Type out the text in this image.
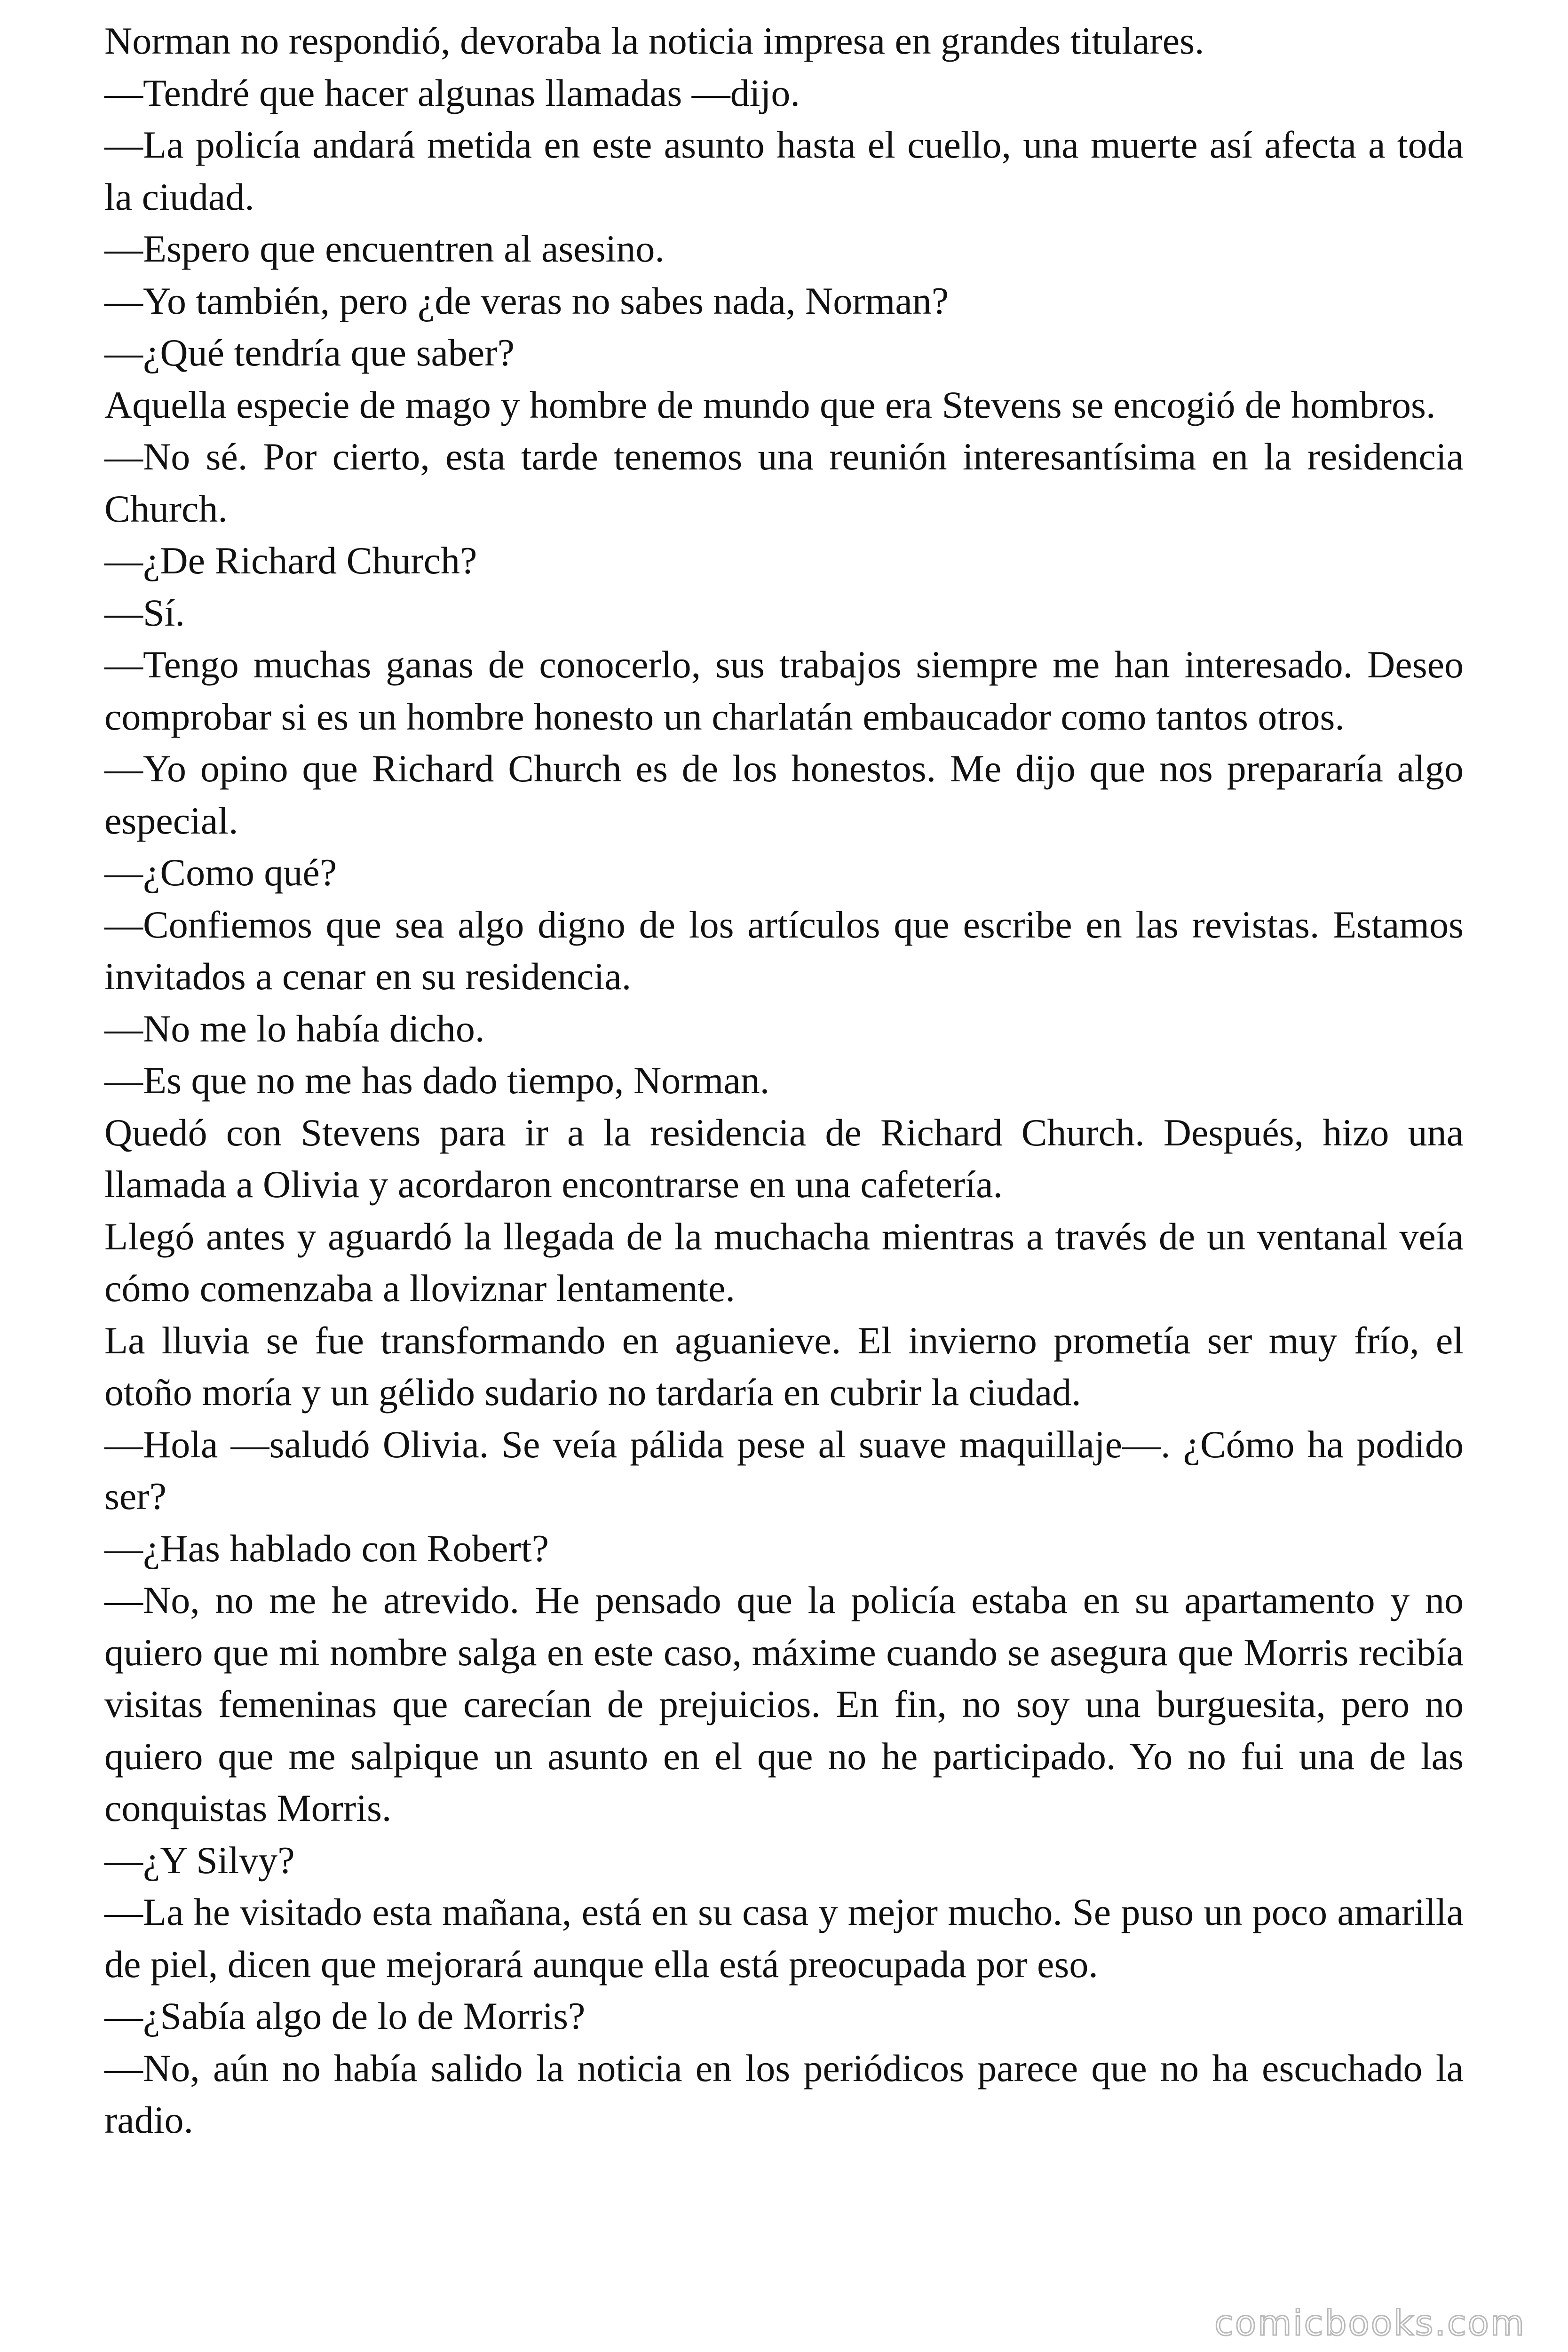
Norman no respondió, devoraba la noticia impresa en grandes titulares.

—Tendré que hacer algunas llamadas —dijo.

—La policía andará metida en este asunto hasta el cuello, una muerte así afecta a toda la ciudad.

—Espero que encuentren al asesino.

—Yo también, pero ¿de veras no sabes nada, Norman?

—¿Qué tendría que saber?

Aquella especie de mago y hombre de mundo que era Stevens se encogió de hombros.

—No sé. Por cierto, esta tarde tenemos una reunión interesantísima en la residencia Church.

—¿De Richard Church?

—Sí.

—Tengo muchas ganas de conocerlo, sus trabajos siempre me han interesado. Deseo comprobar si es un hombre honesto un charlatán embaucador como tantos otros.

—Yo opino que Richard Church es de los honestos. Me dijo que nos prepararía algo especial.

—¿Como qué?

—Confiemos que sea algo digno de los artículos que escribe en las revistas. Estamos invitados a cenar en su residencia.

—No me lo había dicho.

—Es que no me has dado tiempo, Norman.

Quedó con Stevens para ir a la residencia de Richard Church. Después, hizo una llamada a Olivia y acordaron encontrarse en una cafetería.

Llegó antes y aguardó la llegada de la muchacha mientras a través de un ventanal veía cómo comenzaba a lloviznar lentamente.

La lluvia se fue transformando en aguanieve. El invierno prometía ser muy frío, el otoño moría y un gélido sudario no tardaría en cubrir la ciudad.

—Hola —saludó Olivia. Se veía pálida pese al suave maquillaje—. ¿Cómo ha podido ser?

—¿Has hablado con Robert?

—No, no me he atrevido. He pensado que la policía estaba en su apartamento y no quiero que mi nombre salga en este caso, máxime cuando se asegura que Morris recibía visitas femeninas que carecían de prejuicios. En fin, no soy una burguesita, pero no quiero que me salpique un asunto en el que no he participado. Yo no fui una de las conquistas Morris.

—¿Y Silvy?

—La he visitado esta mañana, está en su casa y mejor mucho. Se puso un poco amarilla de piel, dicen que mejorará aunque ella está preocupada por eso.

—¿Sabía algo de lo de Morris?

—No, aún no había salido la noticia en los periódicos parece que no ha escuchado la radio.

comicbooks.com
